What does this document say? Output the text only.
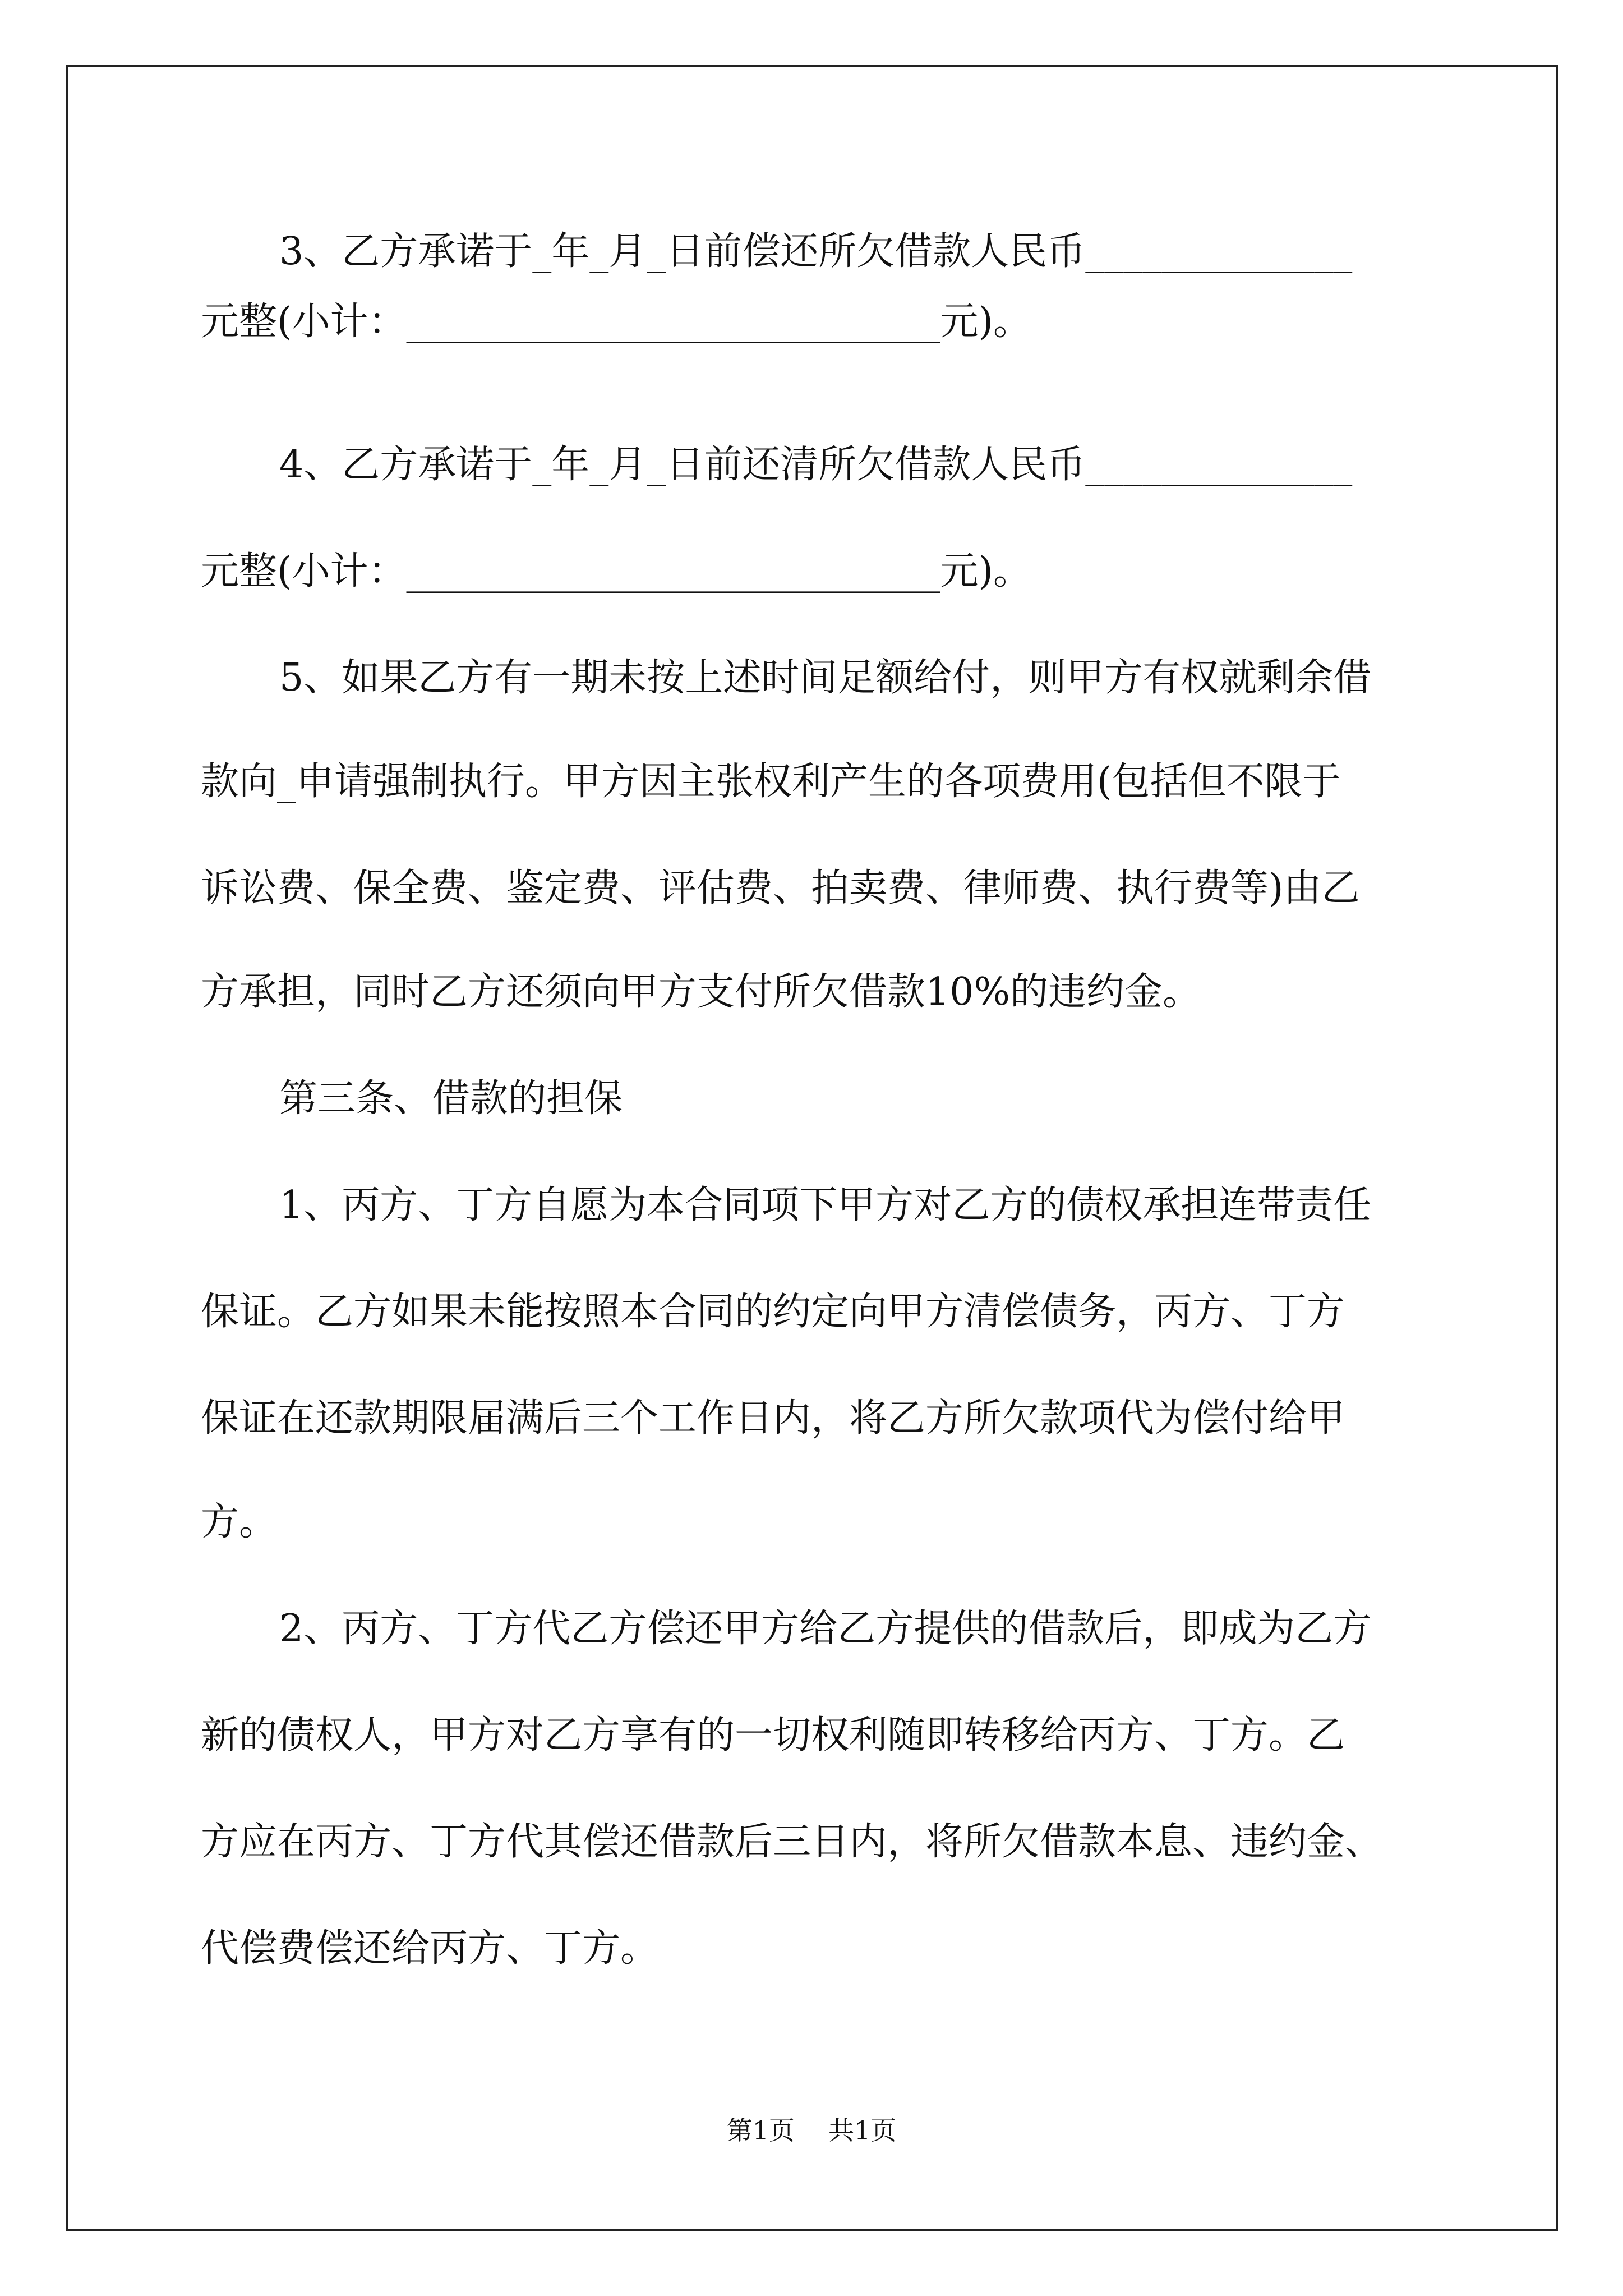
3、乙方承诺于_年_月_日前偿还所欠借款人民币______________

元整(小计：____________________________元)。

4、乙方承诺于_年_月_日前还清所欠借款人民币______________

元整(小计：____________________________元)。

5、如果乙方有一期未按上述时间足额给付，则甲方有权就剩余借

款向_申请强制执行。甲方因主张权利产生的各项费用(包括但不限于

诉讼费、保全费、鉴定费、评估费、拍卖费、律师费、执行费等)由乙

方承担，同时乙方还须向甲方支付所欠借款10%的违约金。

第三条、借款的担保

1、丙方、丁方自愿为本合同项下甲方对乙方的债权承担连带责任

保证。乙方如果未能按照本合同的约定向甲方清偿债务，丙方、丁方

保证在还款期限届满后三个工作日内，将乙方所欠款项代为偿付给甲

方。

2、丙方、丁方代乙方偿还甲方给乙方提供的借款后，即成为乙方

新的债权人，甲方对乙方享有的一切权利随即转移给丙方、丁方。乙

方应在丙方、丁方代其偿还借款后三日内，将所欠借款本息、违约金、

代偿费偿还给丙方、丁方。

第1页 共1页
